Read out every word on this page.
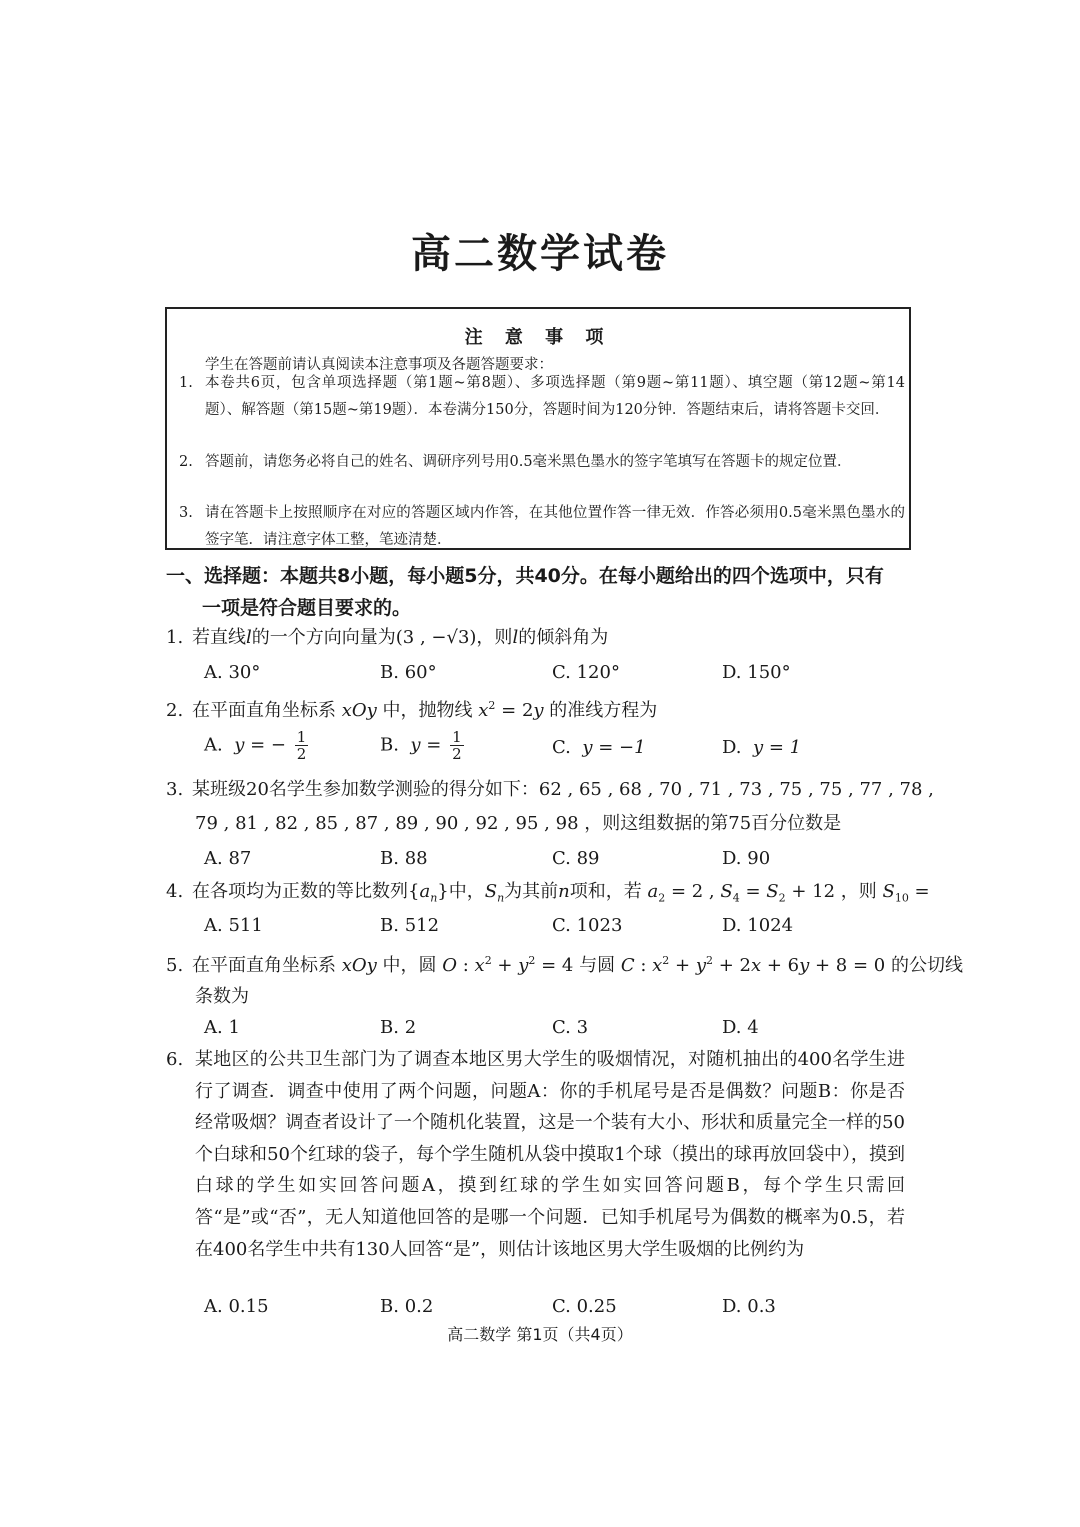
高二数学试卷
注 意 事 项
学生在答题前请认真阅读本注意事项及各题答题要求：
1. 本卷共6页，包含单项选择题（第1题~第8题）、多项选择题（第9题~第11题）、填空题（第12题~第14题）、解答题（第15题~第19题）．本卷满分150分，答题时间为120分钟．答题结束后，请将答题卡交回．
2. 答题前，请您务必将自己的姓名、调研序列号用0.5毫米黑色墨水的签字笔填写在答题卡的规定位置．
3. 请在答题卡上按照顺序在对应的答题区域内作答，在其他位置作答一律无效．作答必须用0.5毫米黑色墨水的签字笔．请注意字体工整，笔迹清楚．
一、选择题：本题共8小题，每小题5分，共40分。在每小题给出的四个选项中，只有
一项是符合题目要求的。
1. 若直线l的一个方向向量为(3 , −√3)，则l的倾斜角为
A. 30°	B. 60°	C. 120°	D. 150°
2. 在平面直角坐标系 xOy 中，抛物线 $x^2 = 2y$ 的准线方程为
A. y = − $\frac{1}{2}$	B. $y = \frac{1}{2}$	C. y = −1	D. y = 1
3. 某班级20名学生参加数学测验的得分如下：62 , 65 , 68 , 70 , 71 , 73 , 75 , 75 , 77 , 78 ,
79 , 81 , 82 , 85 , 87 , 89 , 90 , 92 , 95 , 98 ，则这组数据的第75百分位数是
A. 87	B. 88	C. 89	D. 90
4. 在各项均为正数的等比数列$\{a_n\}$中，$S_n$为其前n项和，若 $a_2 = 2$ , $S_4 = S_2 + 12$ ，则 $S_{10}$ =
A. 511	B. 512	C. 1023	D. 1024
5. 在平面直角坐标系 xOy 中，圆 O : $x^2 + y^2 = 4$ 与圆 C : $x^2 + y^2 + 2x + 6y + 8 = 0$ 的公切线
条数为
A. 1	B. 2	C. 3	D. 4
6. 某地区的公共卫生部门为了调查本地区男大学生的吸烟情况，对随机抽出的400名学生进行了调查．调查中使用了两个问题，问题A：你的手机尾号是否是偶数？问题B：你是否经常吸烟？调查者设计了一个随机化装置，这是一个装有大小、形状和质量完全一样的50个白球和50个红球的袋子，每个学生随机从袋中摸取1个球（摸出的球再放回袋中），摸到白球的学生如实回答问题A，摸到红球的学生如实回答问题B，每个学生只需回答“是”或“否”，无人知道他回答的是哪一个问题．已知手机尾号为偶数的概率为0.5，若在400名学生中共有130人回答“是”，则估计该地区男大学生吸烟的比例约为
A. 0.15	B. 0.2	C. 0.25	D. 0.3
高二数学 第1页（共4页）
